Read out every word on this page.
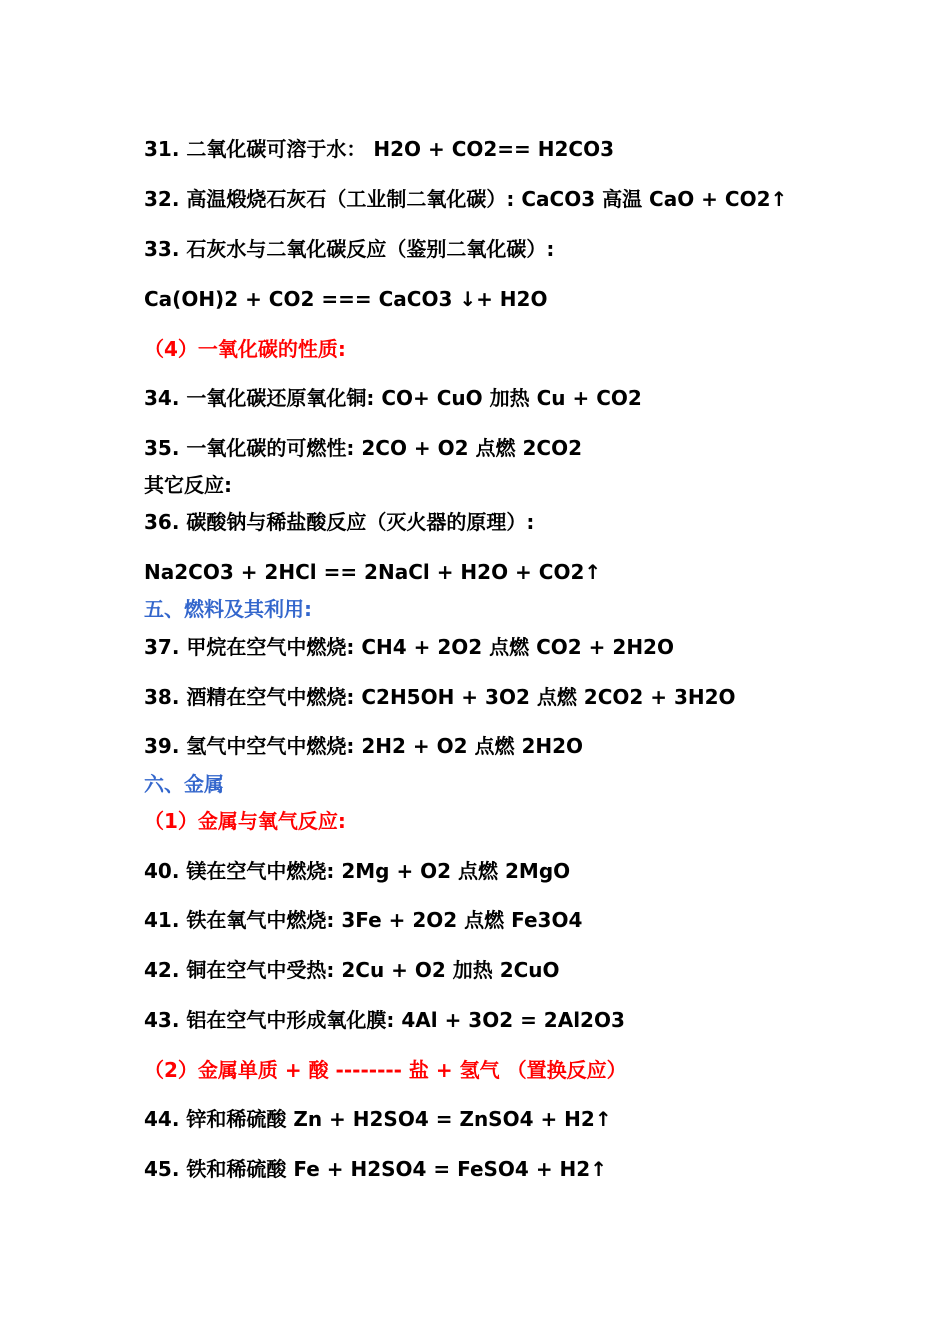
31. 二氧化碳可溶于水： H2O + CO2== H2CO3
32. 高温煅烧石灰石（工业制二氧化碳）: CaCO3 高温 CaO + CO2↑
33. 石灰水与二氧化碳反应（鉴别二氧化碳）:
Ca(OH)2 + CO2 === CaCO3 ↓+ H2O
（4）一氧化碳的性质:
34. 一氧化碳还原氧化铜: CO+ CuO 加热 Cu + CO2
35. 一氧化碳的可燃性: 2CO + O2 点燃 2CO2
其它反应:
36. 碳酸钠与稀盐酸反应（灭火器的原理）:
Na2CO3 + 2HCl == 2NaCl + H2O + CO2↑
五、燃料及其利用:
37. 甲烷在空气中燃烧: CH4 + 2O2 点燃 CO2 + 2H2O
38. 酒精在空气中燃烧: C2H5OH + 3O2 点燃 2CO2 + 3H2O
39. 氢气中空气中燃烧: 2H2 + O2 点燃 2H2O
六、金属
（1）金属与氧气反应:
40. 镁在空气中燃烧: 2Mg + O2 点燃 2MgO
41. 铁在氧气中燃烧: 3Fe + 2O2 点燃 Fe3O4
42. 铜在空气中受热: 2Cu + O2 加热 2CuO
43. 铝在空气中形成氧化膜: 4Al + 3O2 = 2Al2O3
（2）金属单质 + 酸 -------- 盐 + 氢气 （置换反应）
44. 锌和稀硫酸 Zn + H2SO4 = ZnSO4 + H2↑
45. 铁和稀硫酸 Fe + H2SO4 = FeSO4 + H2↑
